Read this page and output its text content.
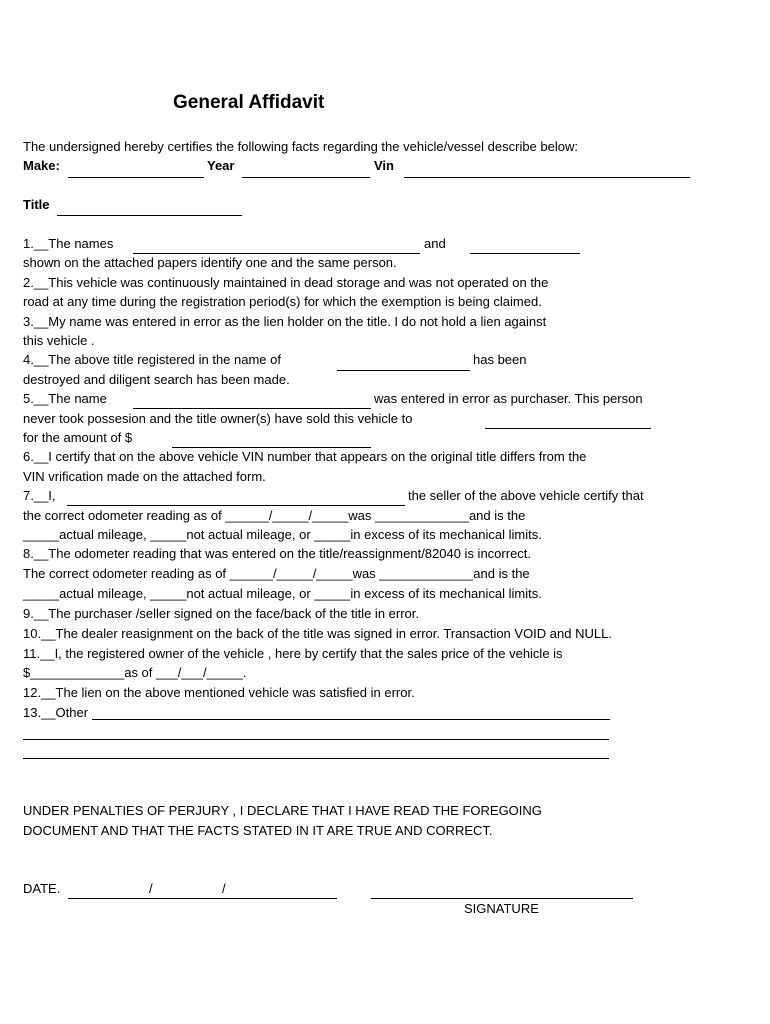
General Affidavit
The undersigned hereby certifies the following facts regarding the vehicle/vessel describe below:
Make:	Year	Vin
Title
1.__The names	and
shown on the attached papers identify one and the same person.
2.__This vehicle was continuously maintained in dead storage and was not operated on the
road at any time during the registration period(s) for which the exemption is being claimed.
3.__My name was entered in error as the lien holder on the title. I do not hold a lien against
this vehicle .
4.__The above title registered in the name of	has been
destroyed and diligent search has been made.
5.__The name	was entered in error as purchaser. This person
never took possesion and the title owner(s) have sold this vehicle to
for the amount of $
6.__I certify that on the above vehicle VIN number that appears on the original title differs from the
VIN vrification made on the attached form.
7.__I,	the seller of the above vehicle certify that
the correct odometer reading as of ______/_____/_____was _____________and is the
_____actual mileage, _____not actual mileage, or _____in excess of its mechanical limits.
8.__The odometer reading that was entered on the title/reassignment/82040 is incorrect.
The correct odometer reading as of ______/_____/_____was _____________and is the
_____actual mileage, _____not actual mileage, or _____in excess of its mechanical limits.
9.__The purchaser /seller signed on the face/back of the title in error.
10.__The dealer reasignment on the back of the title was signed in error. Transaction VOID and NULL.
11.__I, the registered owner of the vehicle , here by certify that the sales price of the vehicle is
$_____________as of ___/___/_____.
12.__The lien on the above mentioned vehicle was satisfied in error.
13.__Other
UNDER PENALTIES OF PERJURY , I DECLARE THAT I HAVE READ THE FOREGOING
DOCUMENT AND THAT THE FACTS STATED IN IT ARE TRUE AND CORRECT.
DATE.	/	/
SIGNATURE
